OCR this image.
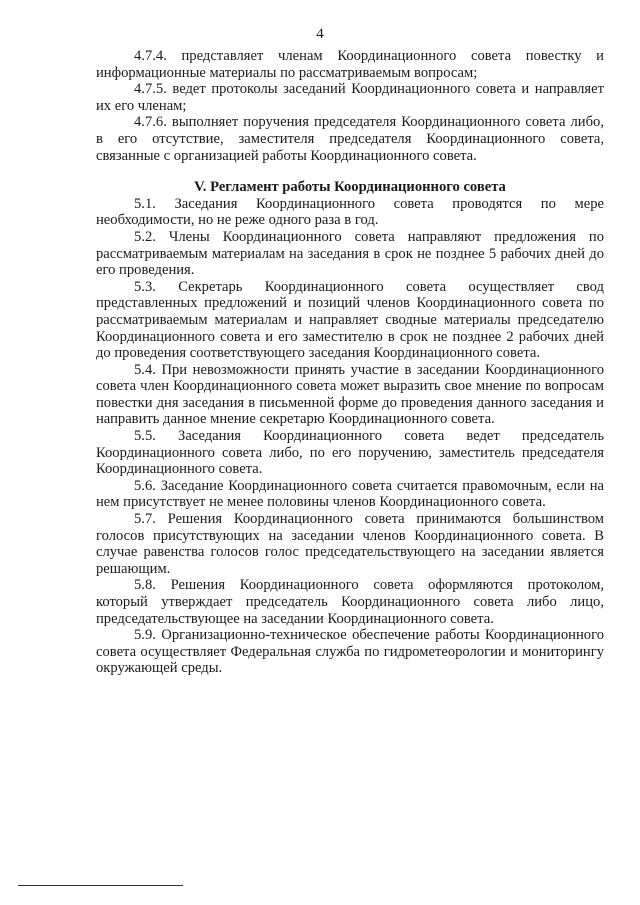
4

4.7.4. представляет членам Координационного совета повестку и информационные материалы по рассматриваемым вопросам;

4.7.5. ведет протоколы заседаний Координационного совета и направляет их его членам;

4.7.6. выполняет поручения председателя Координационного совета либо, в его отсутствие, заместителя председателя Координационного совета, связанные с организацией работы Координационного совета.

V. Регламент работы Координационного совета

5.1. Заседания Координационного совета проводятся по мере необходимости, но не реже одного раза в год.

5.2. Члены Координационного совета направляют предложения по рассматриваемым материалам на заседания в срок не позднее 5 рабочих дней до его проведения.

5.3. Секретарь Координационного совета осуществляет свод представленных предложений и позиций членов Координационного совета по рассматриваемым материалам и направляет сводные материалы председателю Координационного совета и его заместителю в срок не позднее 2 рабочих дней до проведения соответствующего заседания Координационного совета.

5.4. При невозможности принять участие в заседании Координационного совета член Координационного совета может выразить свое мнение по вопросам повестки дня заседания в письменной форме до проведения данного заседания и направить данное мнение секретарю Координационного совета.

5.5. Заседания Координационного совета ведет председатель Координационного совета либо, по его поручению, заместитель председателя Координационного совета.

5.6. Заседание Координационного совета считается правомочным, если на нем присутствует не менее половины членов Координационного совета.

5.7. Решения Координационного совета принимаются большинством голосов присутствующих на заседании членов Координационного совета. В случае равенства голосов голос председательствующего на заседании является решающим.

5.8. Решения Координационного совета оформляются протоколом, который утверждает председатель Координационного совета либо лицо, председательствующее на заседании Координационного совета.

5.9. Организационно-техническое обеспечение работы Координационного совета осуществляет Федеральная служба по гидрометеорологии и мониторингу окружающей среды.
